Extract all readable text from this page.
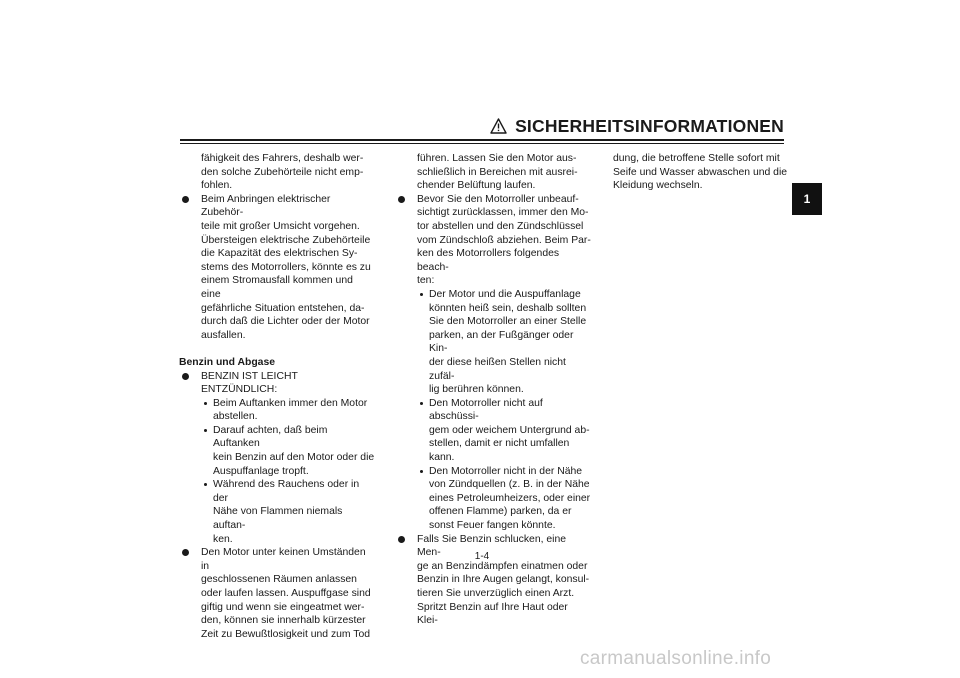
SICHERHEITSINFORMATIONEN
1
fähigkeit des Fahrers, deshalb wer-
den solche Zubehörteile nicht emp-
fohlen.
Beim Anbringen elektrischer Zubehör-
teile mit großer Umsicht vorgehen.
Übersteigen elektrische Zubehörteile
die Kapazität des elektrischen Sy-
stems des Motorrollers, könnte es zu
einem Stromausfall kommen und eine
gefährliche Situation entstehen, da-
durch daß die Lichter oder der Motor
ausfallen.
Benzin und Abgase
BENZIN IST LEICHT ENTZÜNDLICH:
Beim Auftanken immer den Motor
abstellen.
Darauf achten, daß beim Auftanken
kein Benzin auf den Motor oder die
Auspuffanlage tropft.
Während des Rauchens oder in der
Nähe von Flammen niemals auftan-
ken.
Den Motor unter keinen Umständen in
geschlossenen Räumen anlassen
oder laufen lassen. Auspuffgase sind
giftig und wenn sie eingeatmet wer-
den, können sie innerhalb kürzester
Zeit zu Bewußtlosigkeit und zum Tod
führen. Lassen Sie den Motor aus-
schließlich in Bereichen mit ausrei-
chender Belüftung laufen.
Bevor Sie den Motorroller unbeauf-
sichtigt zurücklassen, immer den Mo-
tor abstellen und den Zündschlüssel
vom Zündschloß abziehen. Beim Par-
ken des Motorrollers folgendes beach-
ten:
Der Motor und die Auspuffanlage
könnten heiß sein, deshalb sollten
Sie den Motorroller an einer Stelle
parken, an der Fußgänger oder Kin-
der diese heißen Stellen nicht zufäl-
lig berühren können.
Den Motorroller nicht auf abschüssi-
gem oder weichem Untergrund ab-
stellen, damit er nicht umfallen
kann.
Den Motorroller nicht in der Nähe
von Zündquellen (z. B. in der Nähe
eines Petroleumheizers, oder einer
offenen Flamme) parken, da er
sonst Feuer fangen könnte.
Falls Sie Benzin schlucken, eine Men-
ge an Benzindämpfen einatmen oder
Benzin in Ihre Augen gelangt, konsul-
tieren Sie unverzüglich einen Arzt.
Spritzt Benzin auf Ihre Haut oder Klei-
dung, die betroffene Stelle sofort mit
Seife und Wasser abwaschen und die
Kleidung wechseln.
1-4
carmanualsonline.info
